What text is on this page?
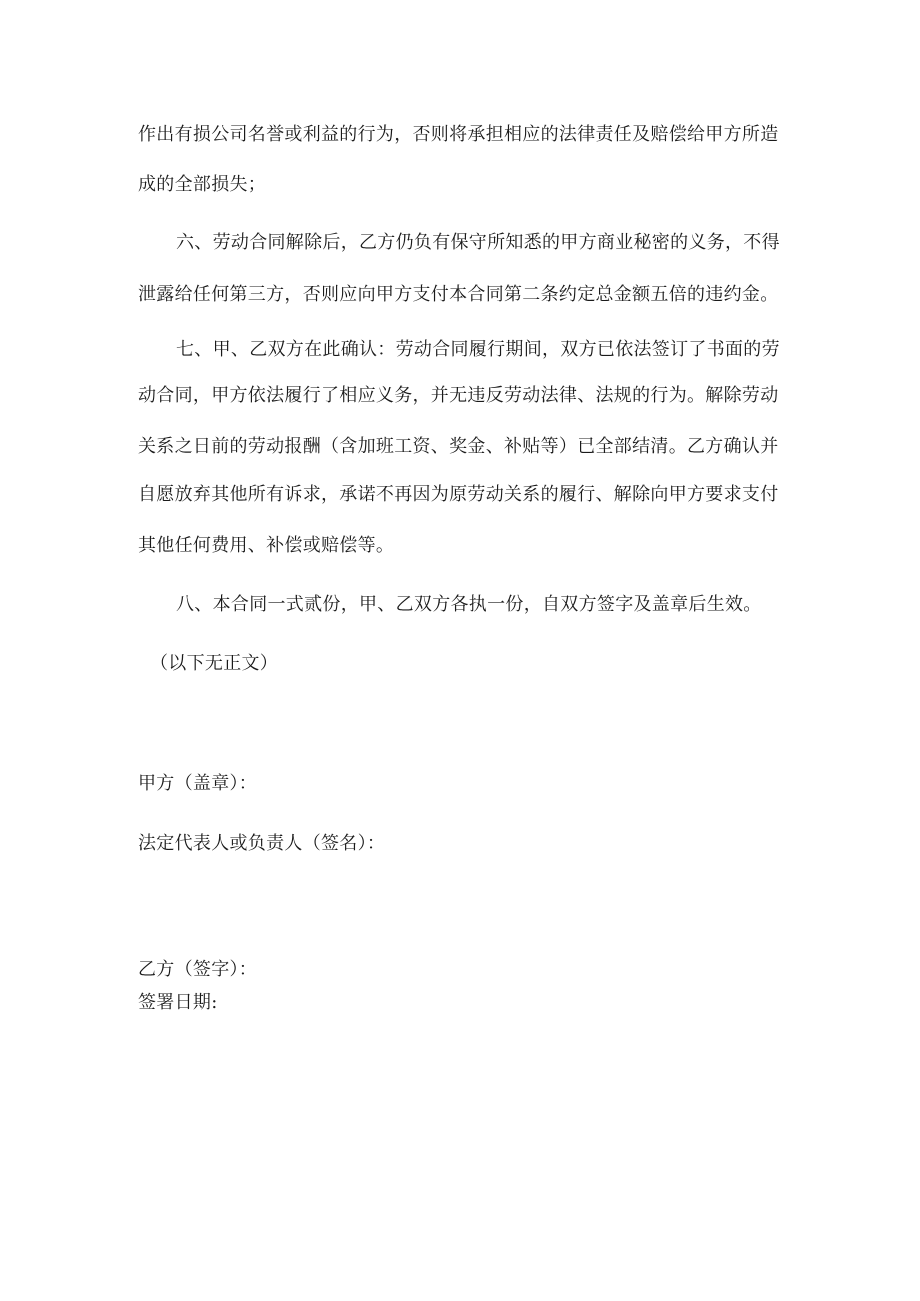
作出有损公司名誉或利益的行为，否则将承担相应的法律责任及赔偿给甲方所造
成的全部损失；
六、劳动合同解除后，乙方仍负有保守所知悉的甲方商业秘密的义务，不得
泄露给任何第三方，否则应向甲方支付本合同第二条约定总金额五倍的违约金。
七、甲、乙双方在此确认：劳动合同履行期间，双方已依法签订了书面的劳
动合同，甲方依法履行了相应义务，并无违反劳动法律、法规的行为。解除劳动
关系之日前的劳动报酬（含加班工资、奖金、补贴等）已全部结清。乙方确认并
自愿放弃其他所有诉求，承诺不再因为原劳动关系的履行、解除向甲方要求支付
其他任何费用、补偿或赔偿等。
八、本合同一式贰份，甲、乙双方各执一份，自双方签字及盖章后生效。
（以下无正文）
甲方（盖章）：
法定代表人或负责人（签名）：
乙方（签字）：
签署日期:
